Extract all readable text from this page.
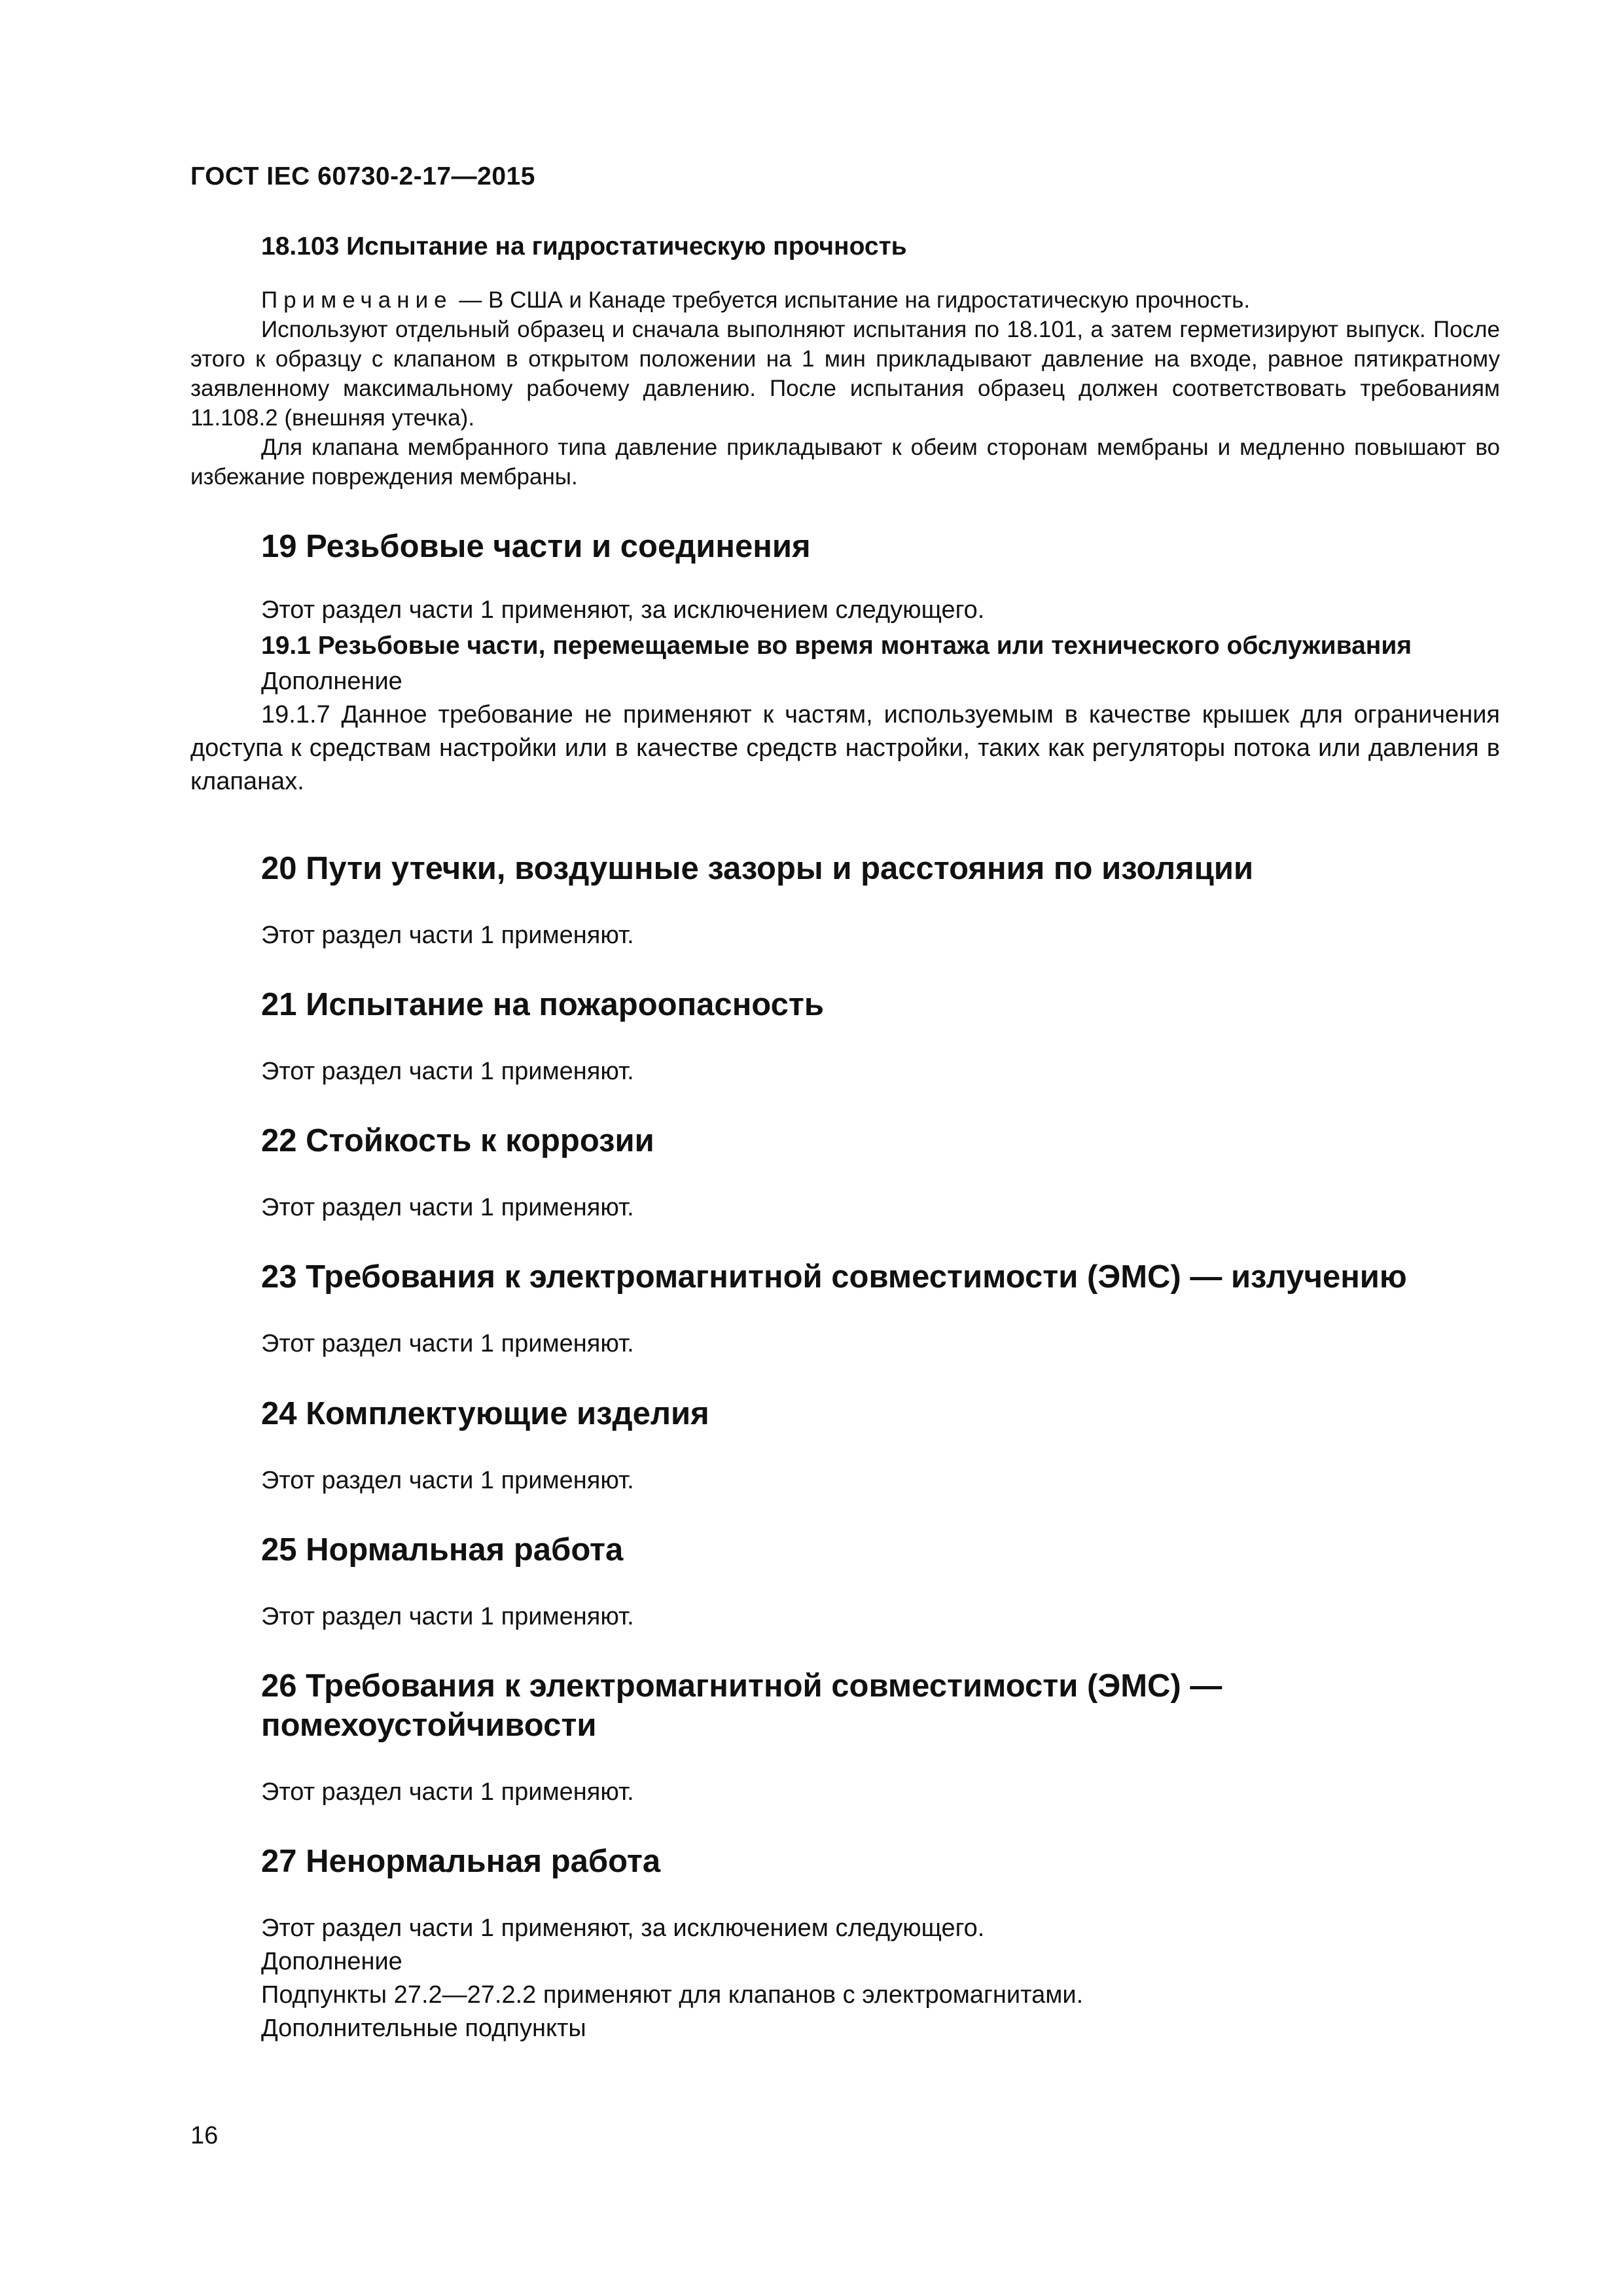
ГОСТ IEC 60730-2-17—2015

18.103 Испытание на гидростатическую прочность

Примечание — В США и Канаде требуется испытание на гидростатическую прочность.

Используют отдельный образец и сначала выполняют испытания по 18.101, а затем герметизируют выпуск. После этого к образцу с клапаном в открытом положении на 1 мин прикладывают давление на входе, равное пятикратному заявленному максимальному рабочему давлению. После испытания образец должен соответствовать требованиям 11.108.2 (внешняя утечка).

Для клапана мембранного типа давление прикладывают к обеим сторонам мембраны и медленно повышают во избежание повреждения мембраны.

19 Резьбовые части и соединения

Этот раздел части 1 применяют, за исключением следующего.

19.1 Резьбовые части, перемещаемые во время монтажа или технического обслуживания

Дополнение

19.1.7 Данное требование не применяют к частям, используемым в качестве крышек для ограничения доступа к средствам настройки или в качестве средств настройки, таких как регуляторы потока или давления в клапанах.

20 Пути утечки, воздушные зазоры и расстояния по изоляции

Этот раздел части 1 применяют.

21 Испытание на пожароопасность

Этот раздел части 1 применяют.

22 Стойкость к коррозии

Этот раздел части 1 применяют.

23 Требования к электромагнитной совместимости (ЭМС) — излучению

Этот раздел части 1 применяют.

24 Комплектующие изделия

Этот раздел части 1 применяют.

25 Нормальная работа

Этот раздел части 1 применяют.

26 Требования к электромагнитной совместимости (ЭМС) —

помехоустойчивости

Этот раздел части 1 применяют.

27 Ненормальная работа

Этот раздел части 1 применяют, за исключением следующего.

Дополнение

Подпункты 27.2—27.2.2 применяют для клапанов с электромагнитами.

Дополнительные подпункты

16
